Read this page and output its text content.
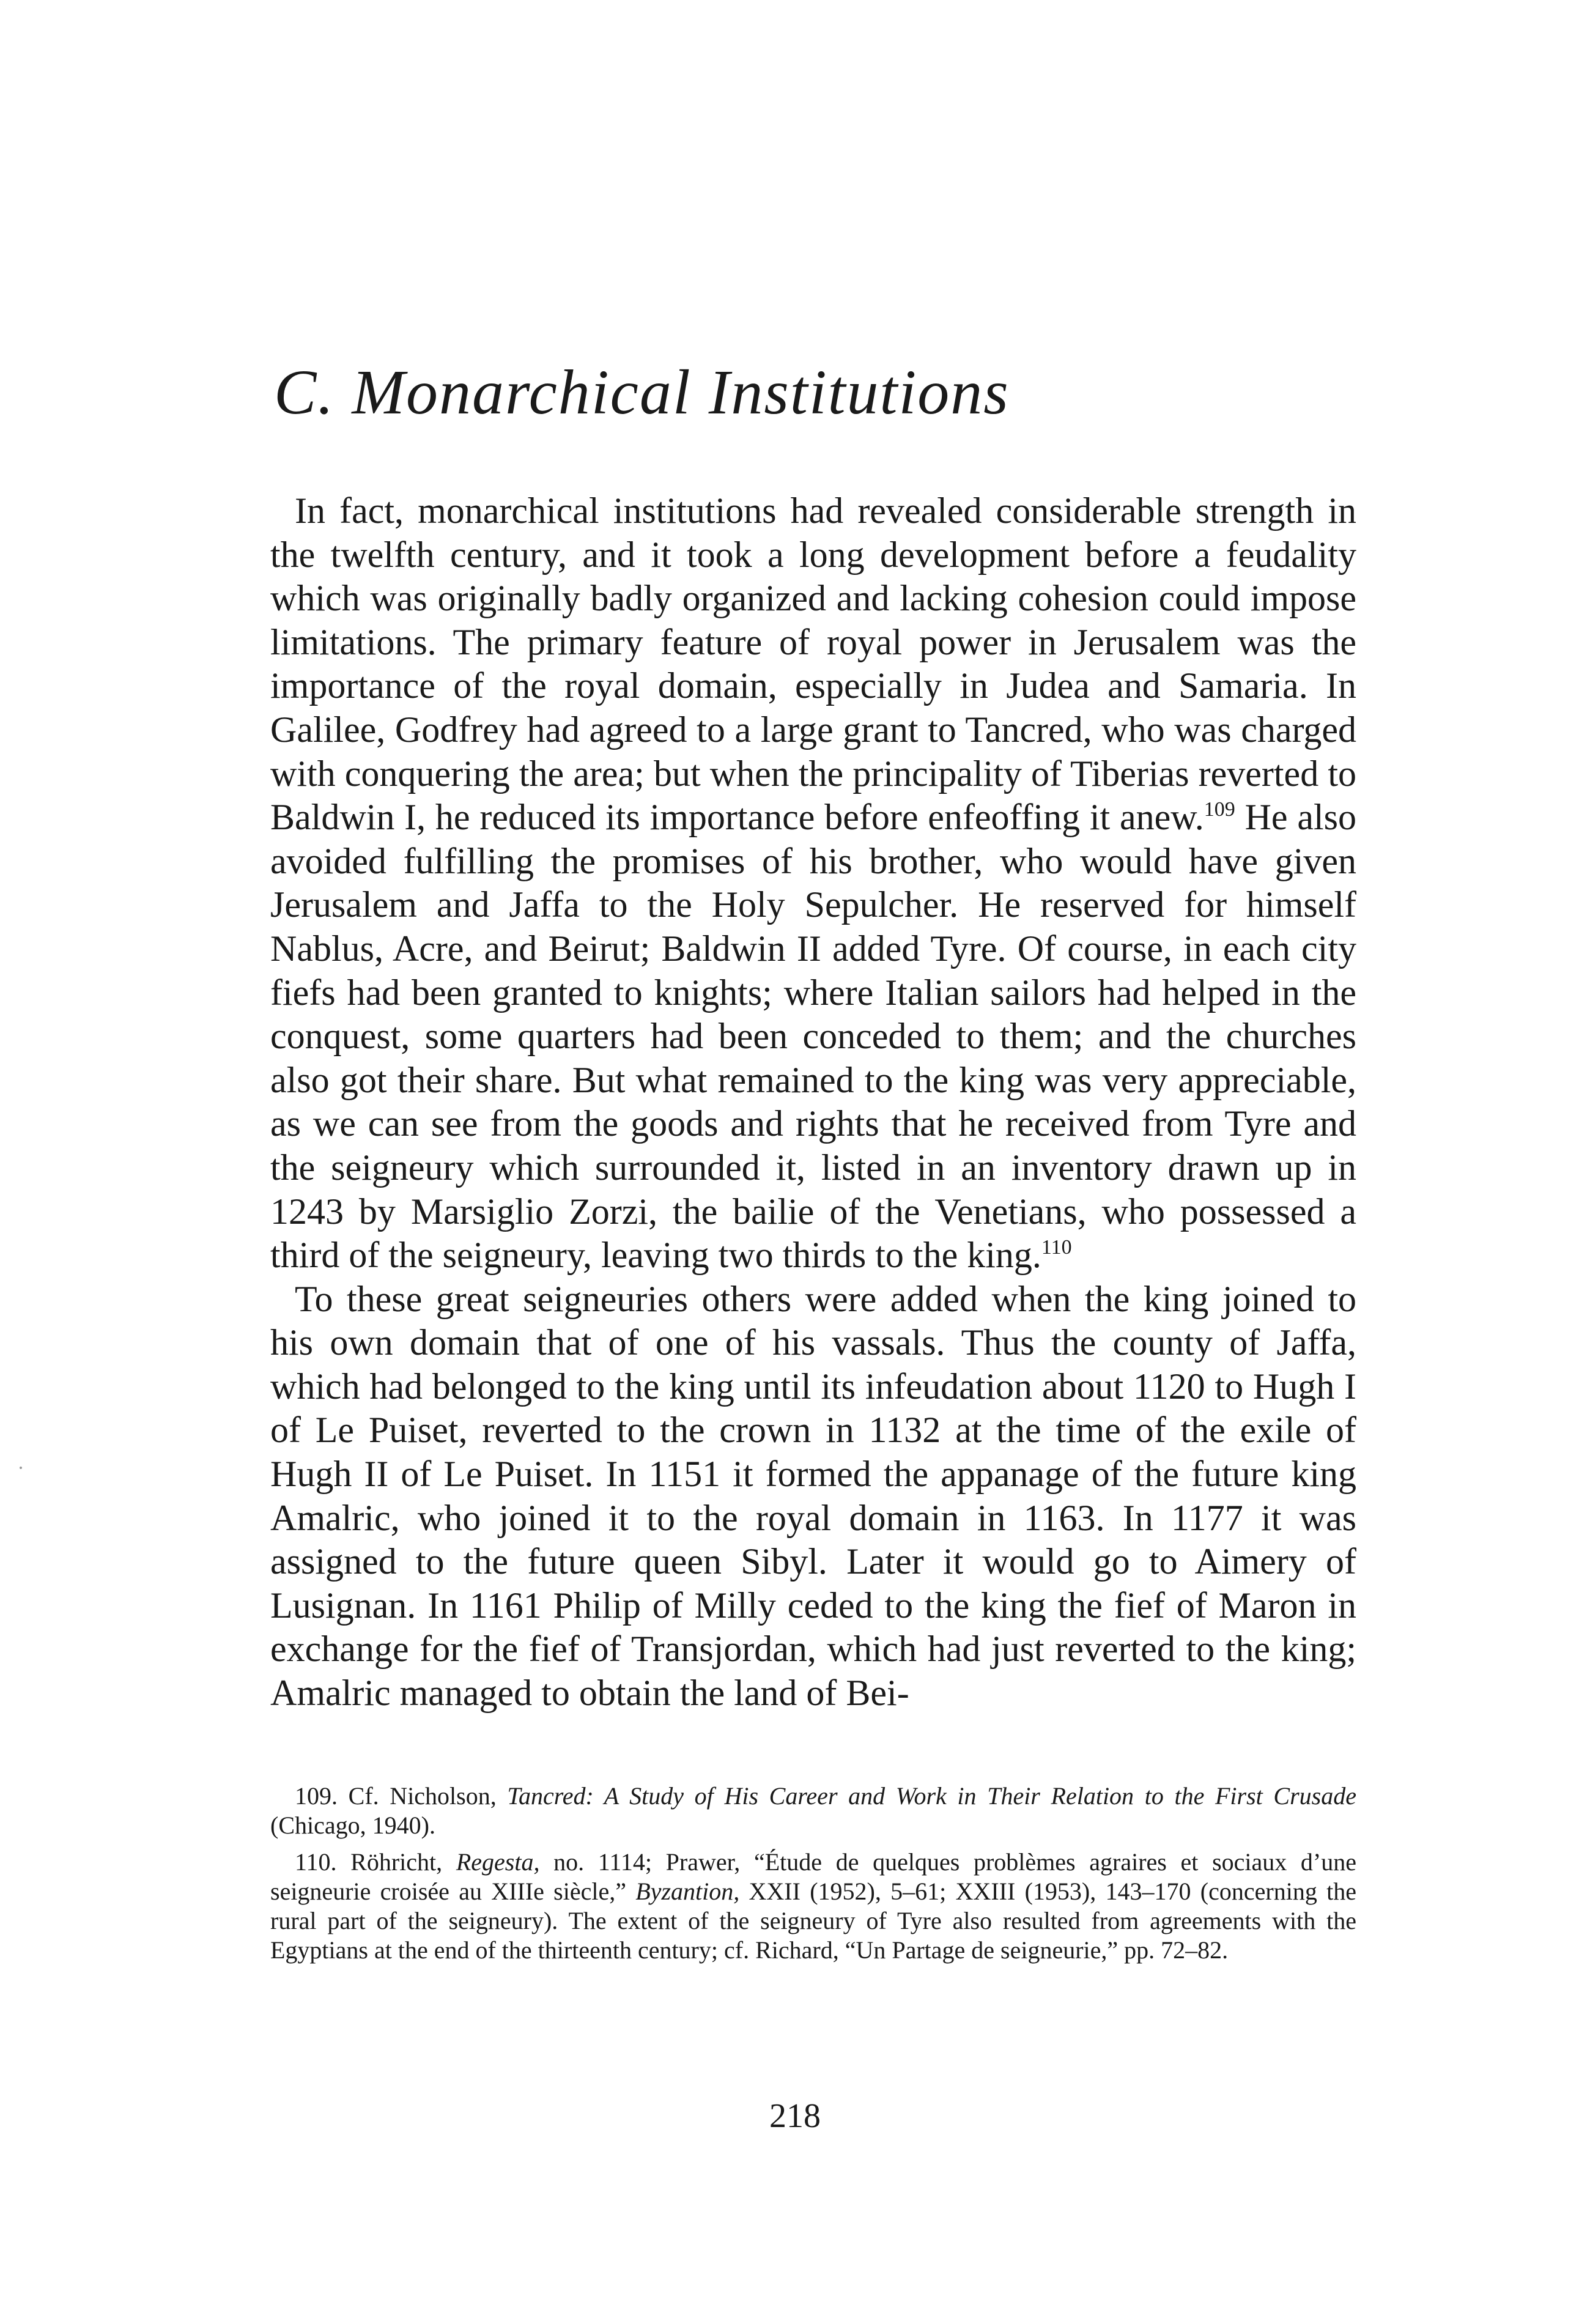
C. Monarchical Institutions

In fact, monarchical institutions had revealed considerable strength in the twelfth century, and it took a long development before a feudality which was originally badly organized and lacking cohesion could impose limitations. The primary feature of royal power in Jerusalem was the importance of the royal domain, especially in Judea and Samaria. In Galilee, Godfrey had agreed to a large grant to Tancred, who was charged with conquering the area; but when the principality of Tiberias reverted to Baldwin I, he reduced its importance before enfeoffing it anew.$^{109}$ He also avoided fulfilling the promises of his brother, who would have given Jerusalem and Jaffa to the Holy Sepulcher. He reserved for himself Nablus, Acre, and Beirut; Baldwin II added Tyre. Of course, in each city fiefs had been granted to knights; where Italian sailors had helped in the conquest, some quarters had been conceded to them; and the churches also got their share. But what remained to the king was very appreciable, as we can see from the goods and rights that he received from Tyre and the seigneury which surrounded it, listed in an inventory drawn up in 1243 by Marsiglio Zorzi, the bailie of the Venetians, who possessed a third of the seigneury, leaving two thirds to the king.$^{110}$

To these great seigneuries others were added when the king joined to his own domain that of one of his vassals. Thus the county of Jaffa, which had belonged to the king until its infeudation about 1120 to Hugh I of Le Puiset, reverted to the crown in 1132 at the time of the exile of Hugh II of Le Puiset. In 1151 it formed the appanage of the future king Amalric, who joined it to the royal domain in 1163. In 1177 it was assigned to the future queen Sibyl. Later it would go to Aimery of Lusignan. In 1161 Philip of Milly ceded to the king the fief of Maron in exchange for the fief of Transjordan, which had just reverted to the king; Amalric managed to obtain the land of Bei-

109. Cf. Nicholson, Tancred: A Study of His Career and Work in Their Relation to the First Crusade (Chicago, 1940).

110. Röhricht, Regesta, no. 1114; Prawer, “Étude de quelques problèmes agraires et sociaux d’une seigneurie croisée au XIIIe siècle,” Byzantion, XXII (1952), 5–61; XXIII (1953), 143–170 (concerning the rural part of the seigneury). The extent of the seigneury of Tyre also resulted from agreements with the Egyptians at the end of the thirteenth century; cf. Richard, “Un Partage de seigneurie,” pp. 72–82.

218
